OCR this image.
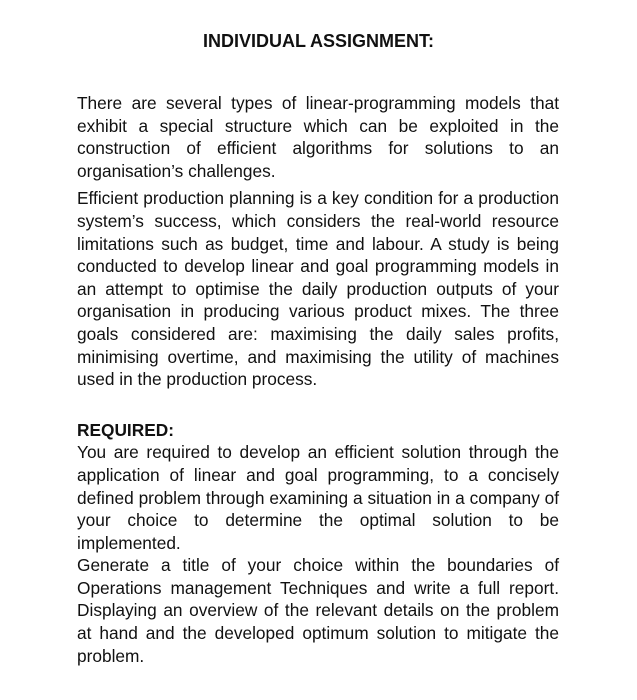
INDIVIDUAL ASSIGNMENT:

There are several types of linear-programming models that exhibit a special structure which can be exploited in the construction of efficient algorithms for solutions to an organisation’s challenges.

Efficient production planning is a key condition for a production system’s success, which considers the real-world resource limitations such as budget, time and labour. A study is being conducted to develop linear and goal programming models in an attempt to optimise the daily production outputs of your organisation in producing various product mixes. The three goals considered are: maximising the daily sales profits, minimising overtime, and maximising the utility of machines used in the production process.

REQUIRED:

You are required to develop an efficient solution through the application of linear and goal programming, to a concisely defined problem through examining a situation in a company of your choice to determine the optimal solution to be implemented.

Generate a title of your choice within the boundaries of Operations management Techniques and write a full report. Displaying an overview of the relevant details on the problem at hand and the developed optimum solution to mitigate the problem.
